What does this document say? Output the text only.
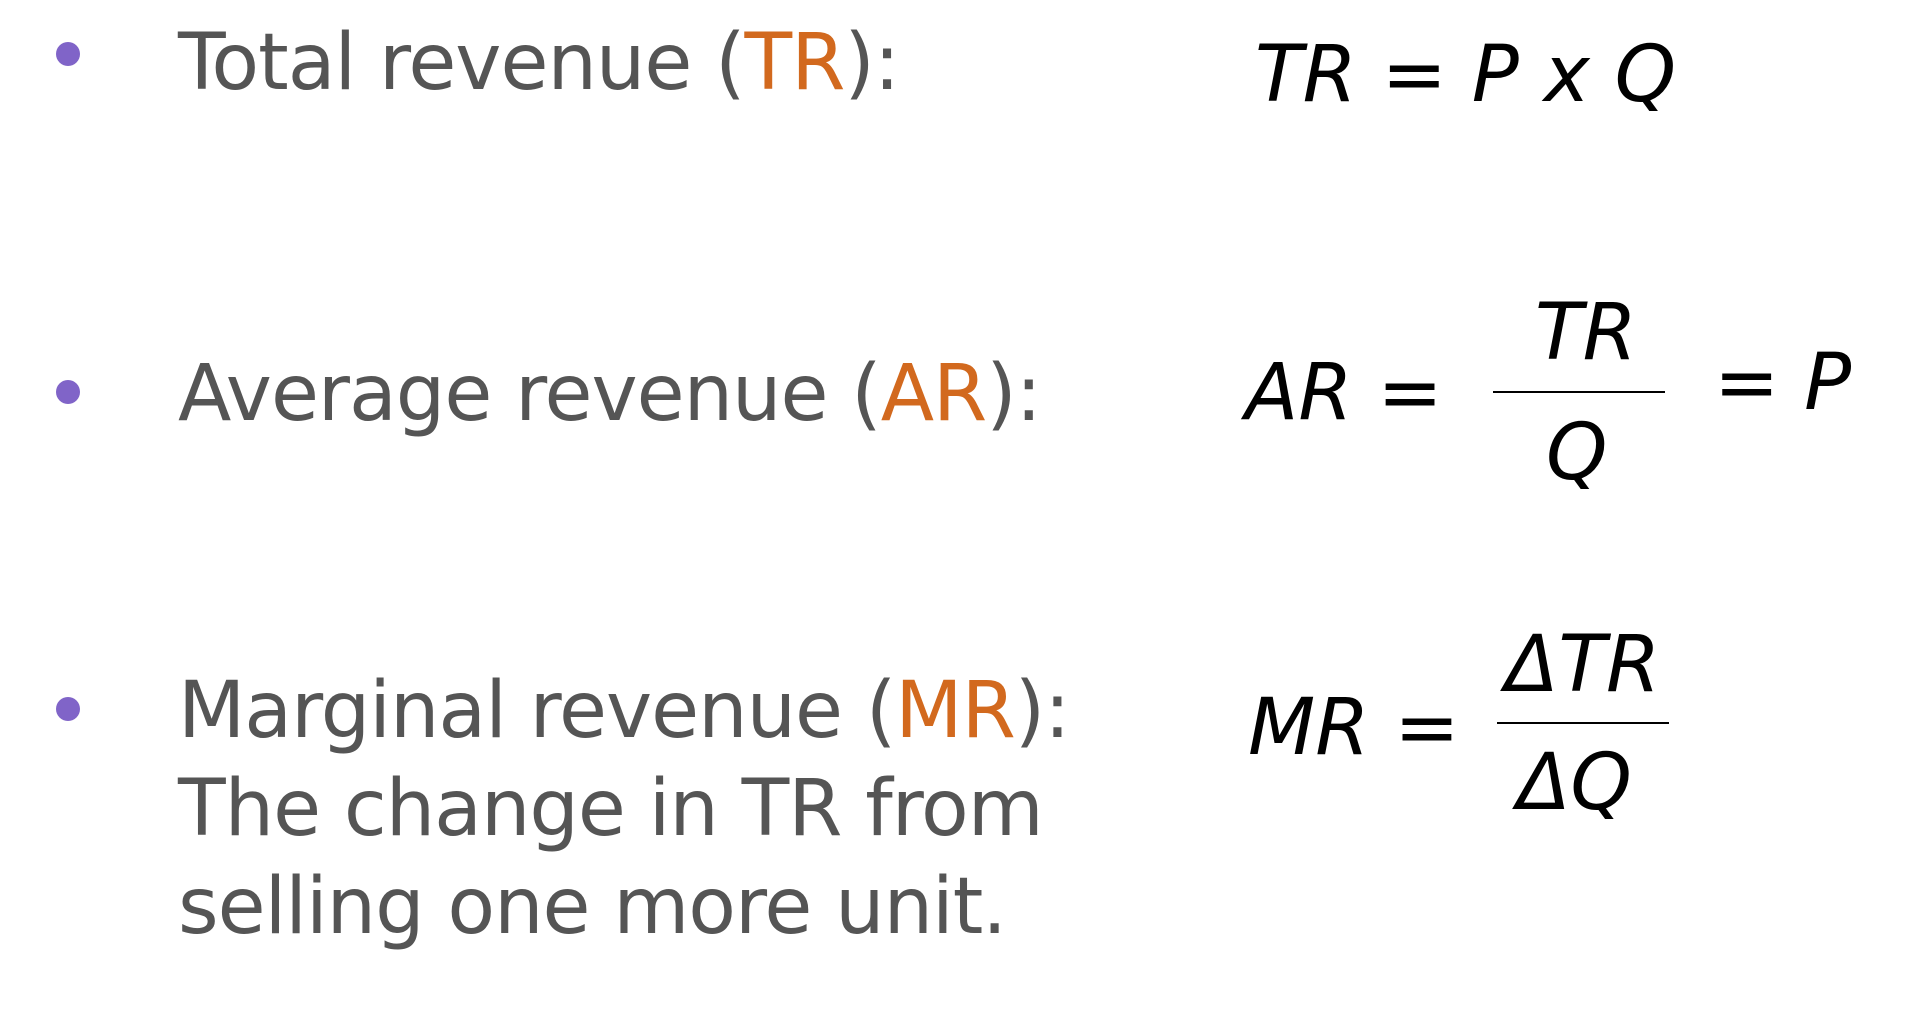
Total revenue (TR):	TR = P x Q
Average revenue (AR):	AR =
TR
Q
= P
Marginal revenue (MR):
The change in TR from
selling one more unit.
MR =
ΔTR
ΔQ
